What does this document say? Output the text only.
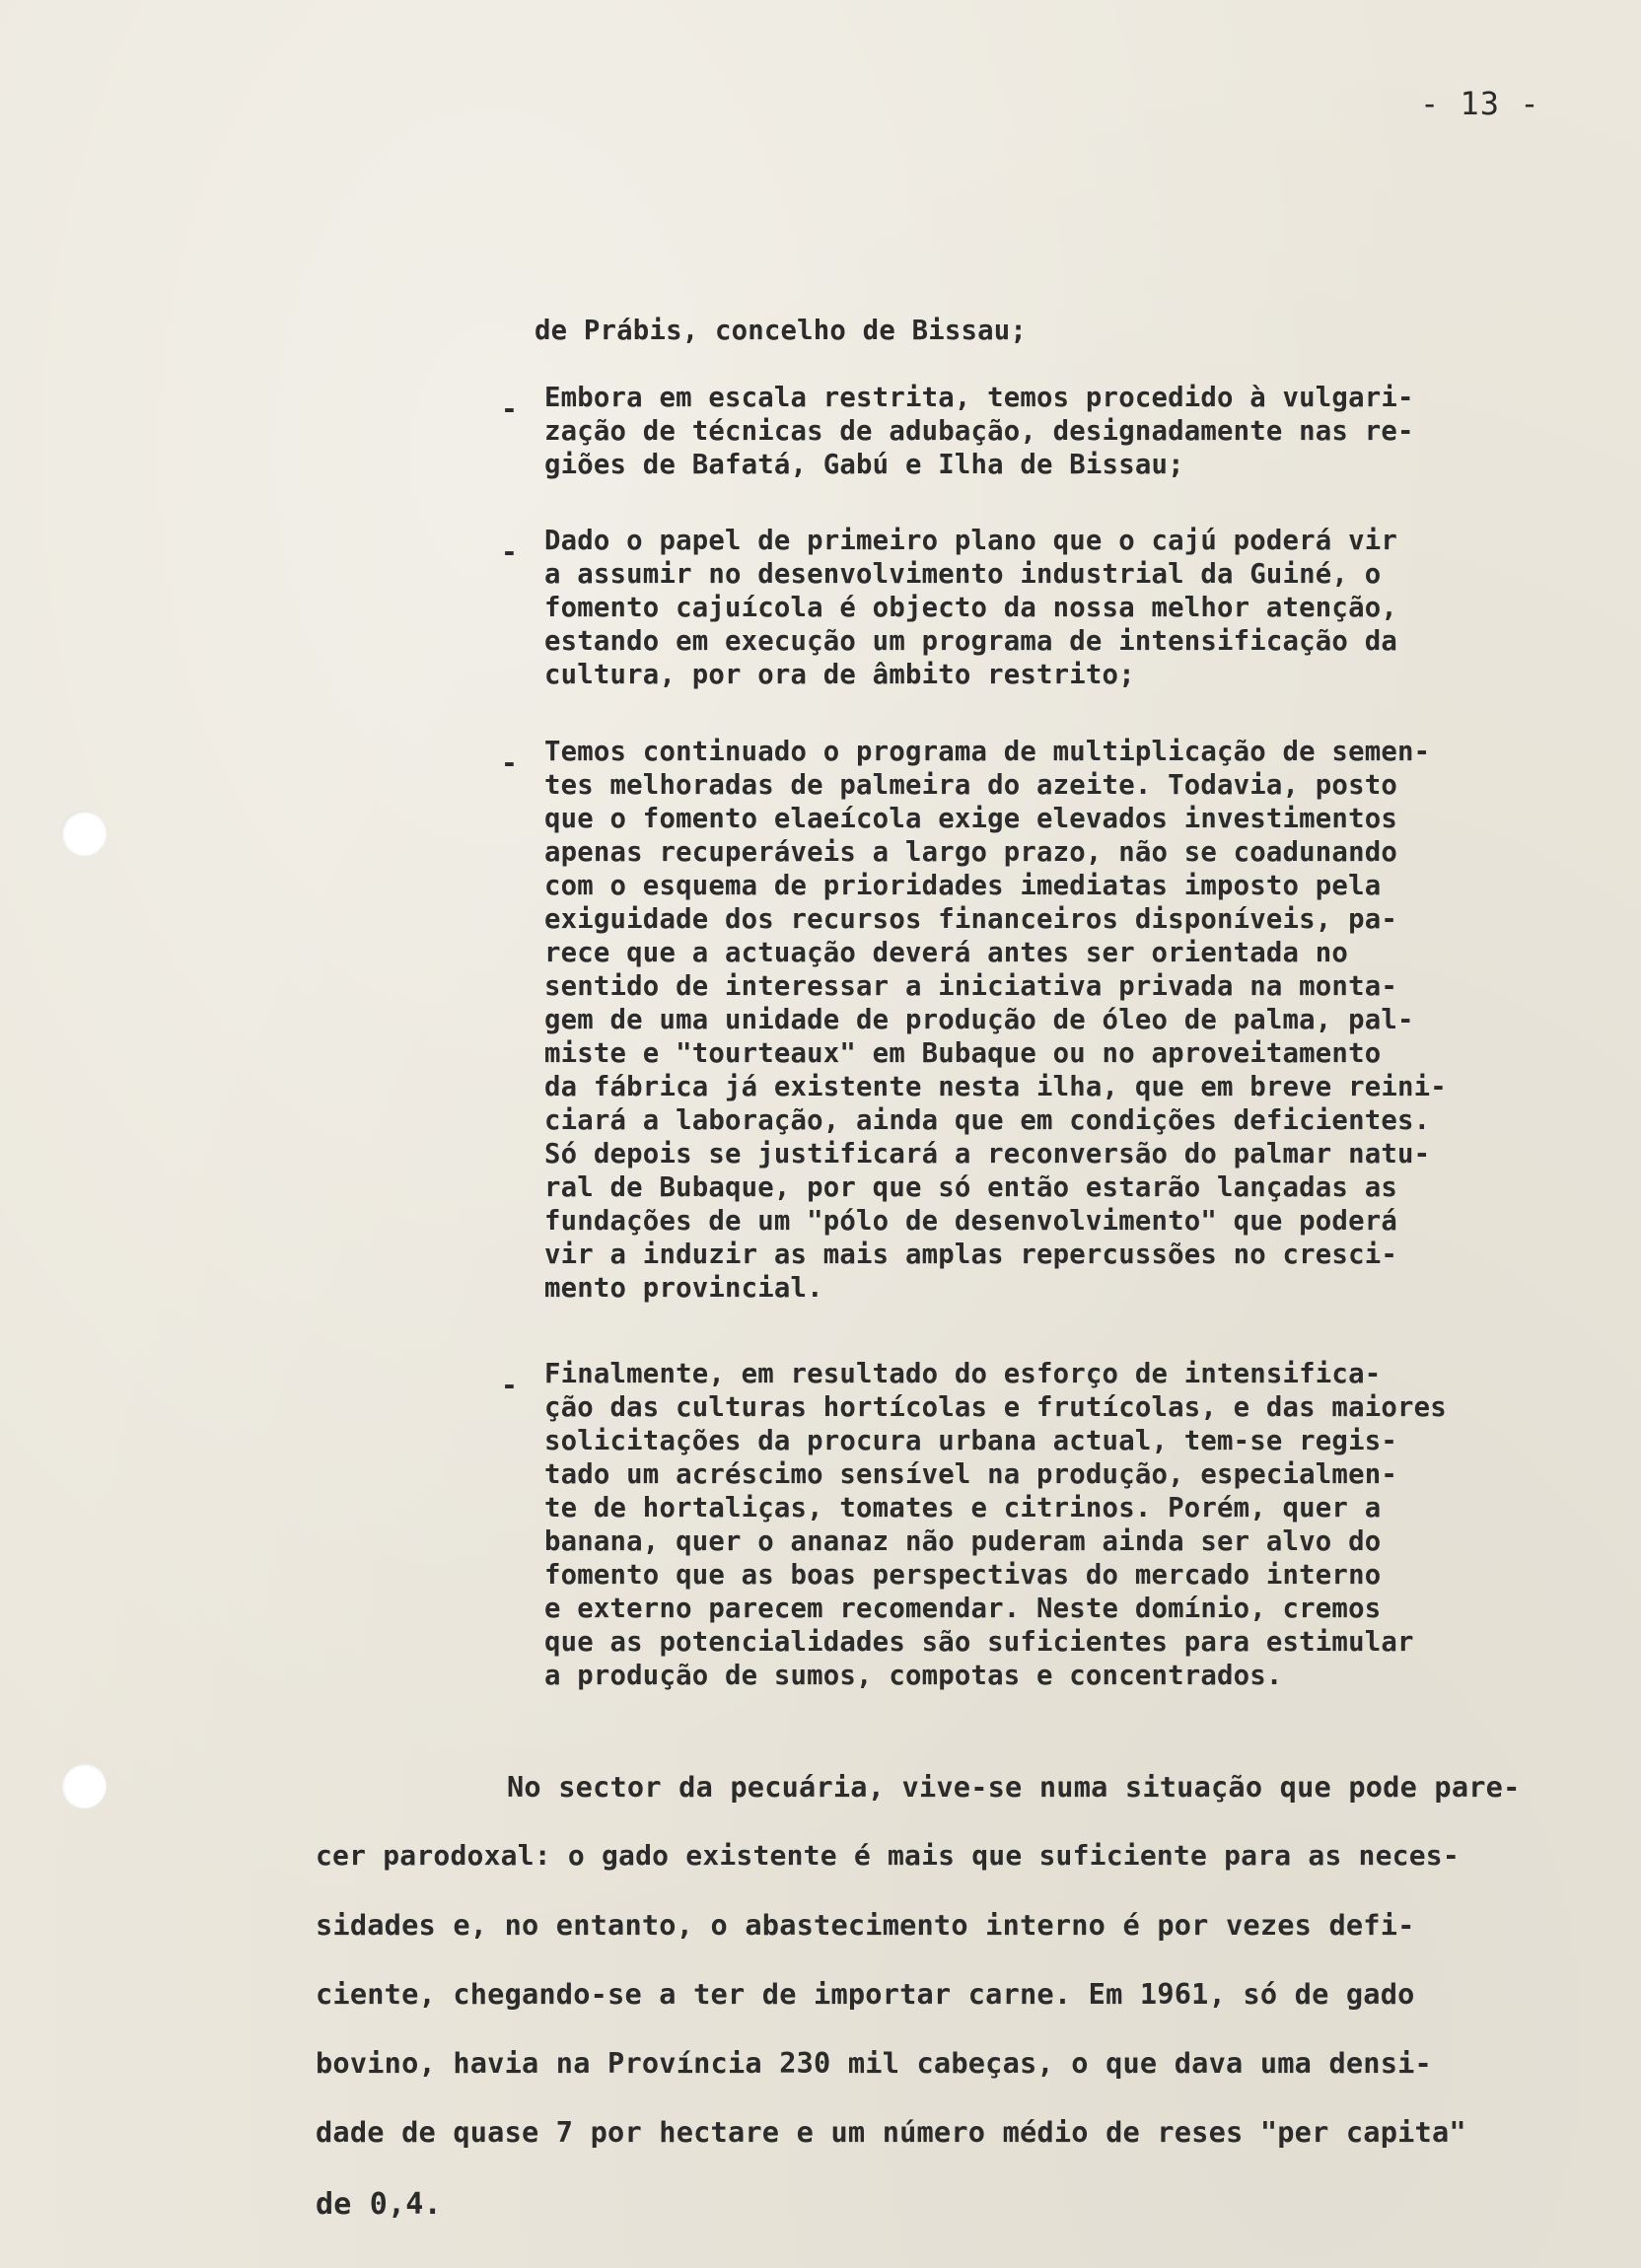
- 13 -
de Prábis, concelho de Bissau;
- Embora em escala restrita, temos procedido à vulgari-
zação de técnicas de adubação, designadamente nas re-
giões de Bafatá, Gabú e Ilha de Bissau;
- Dado o papel de primeiro plano que o cajú poderá vir
a assumir no desenvolvimento industrial da Guiné, o
fomento cajuícola é objecto da nossa melhor atenção,
estando em execução um programa de intensificação da
cultura, por ora de âmbito restrito;
- Temos continuado o programa de multiplicação de semen-
tes melhoradas de palmeira do azeite. Todavia, posto
que o fomento elaeícola exige elevados investimentos
apenas recuperáveis a largo prazo, não se coadunando
com o esquema de prioridades imediatas imposto pela
exiguidade dos recursos financeiros disponíveis, pa-
rece que a actuação deverá antes ser orientada no
sentido de interessar a iniciativa privada na monta-
gem de uma unidade de produção de óleo de palma, pal-
miste e "tourteaux" em Bubaque ou no aproveitamento
da fábrica já existente nesta ilha, que em breve reini-
ciará a laboração, ainda que em condições deficientes.
Só depois se justificará a reconversão do palmar natu-
ral de Bubaque, por que só então estarão lançadas as
fundações de um "pólo de desenvolvimento" que poderá
vir a induzir as mais amplas repercussões no cresci-
mento provincial.
- Finalmente, em resultado do esforço de intensifica-
ção das culturas hortícolas e frutícolas, e das maiores
solicitações da procura urbana actual, tem-se regis-
tado um acréscimo sensível na produção, especialmen-
te de hortaliças, tomates e citrinos. Porém, quer a
banana, quer o ananaz não puderam ainda ser alvo do
fomento que as boas perspectivas do mercado interno
e externo parecem recomendar. Neste domínio, cremos
que as potencialidades são suficientes para estimular
a produção de sumos, compotas e concentrados.
No sector da pecuária, vive-se numa situação que pode pare-
cer parodoxal: o gado existente é mais que suficiente para as neces-
sidades e, no entanto, o abastecimento interno é por vezes defi-
ciente, chegando-se a ter de importar carne. Em 1961, só de gado
bovino, havia na Província 230 mil cabeças, o que dava uma densi-
dade de quase 7 por hectare e um número médio de reses "per capita"
de 0,4.
